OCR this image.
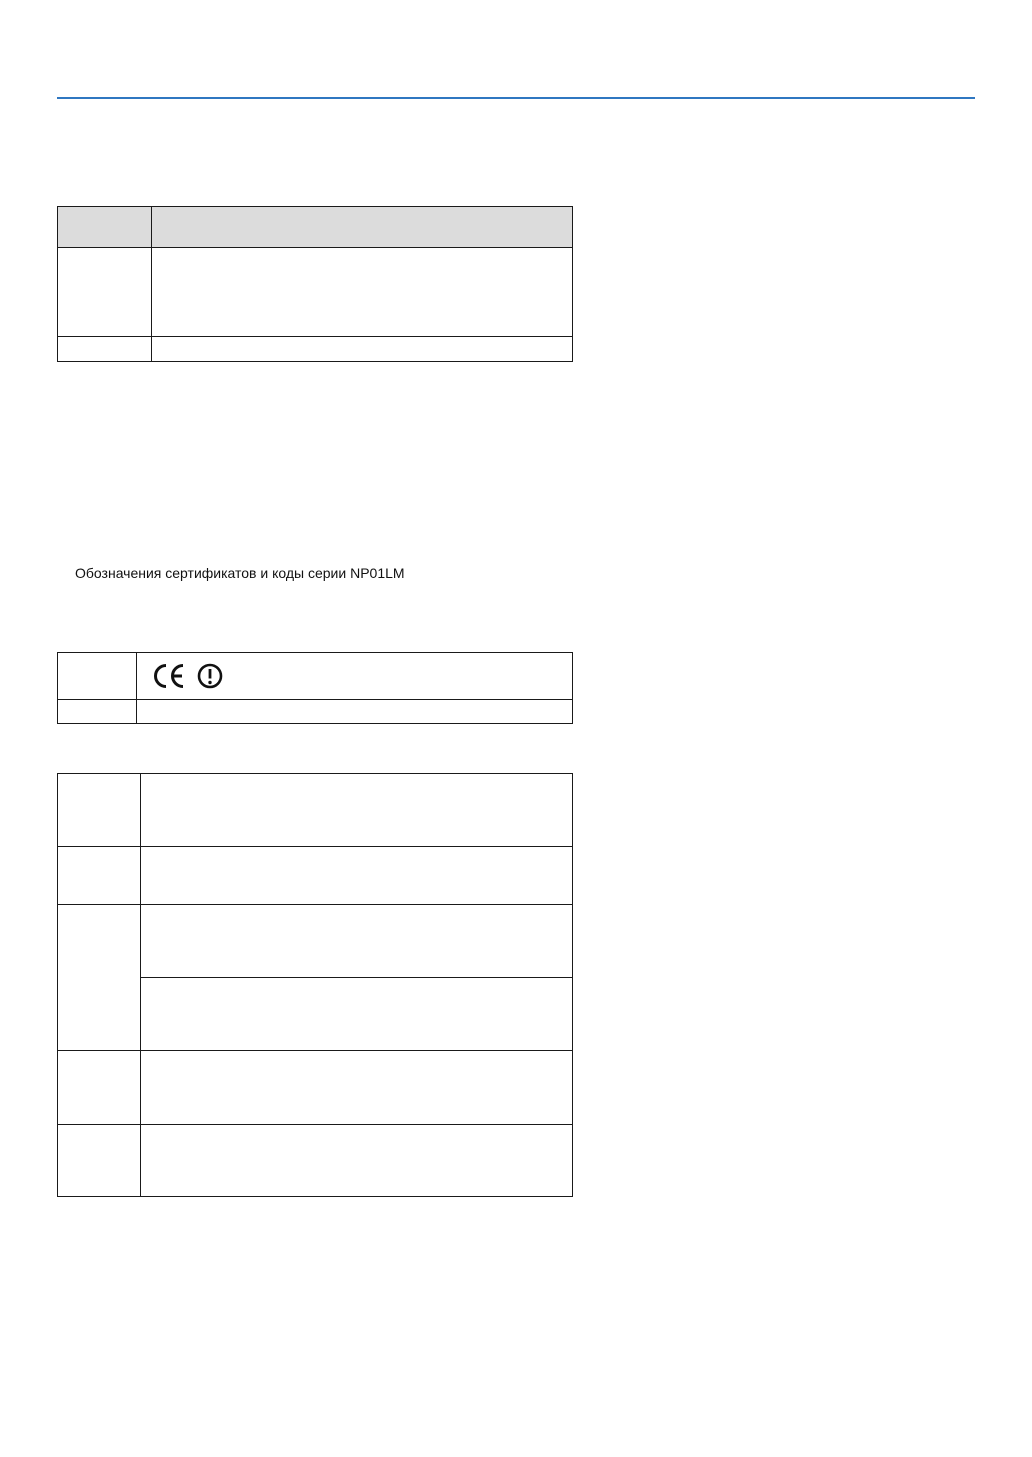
Обозначения сертификатов и коды серии NP01LM
